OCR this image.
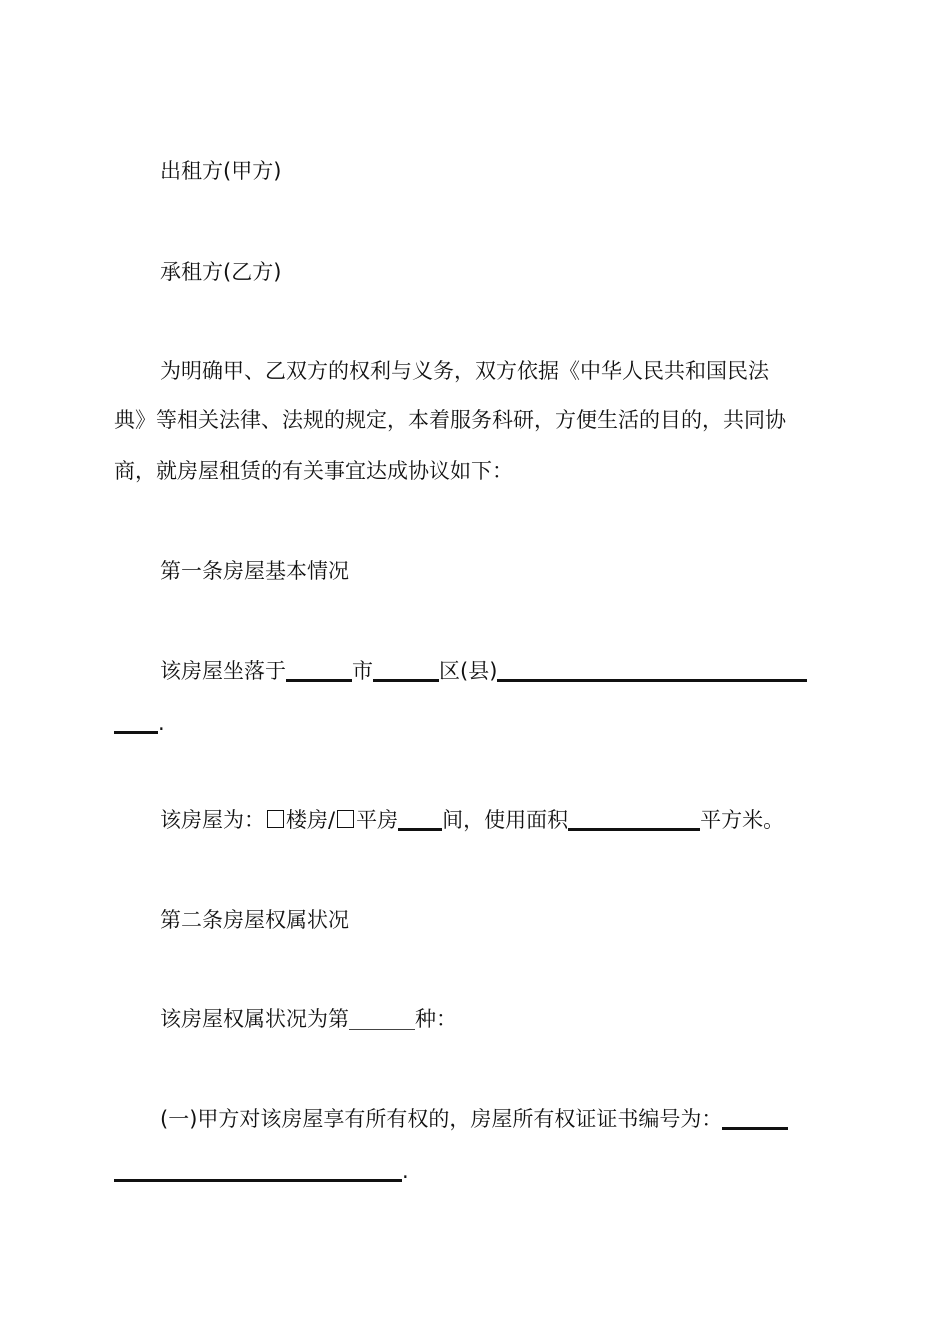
出租方(甲方)
承租方(乙方)
为明确甲、乙双方的权利与义务，双方依据《中华人民共和国民法
典》等相关法律、法规的规定，本着服务科研，方便生活的目的，共同协
商，就房屋租赁的有关事宜达成协议如下：
第一条房屋基本情况
该房屋坐落于	市	区(县)
.
该房屋为： 楼房/ 平房 间，使用面积	平方米。
第二条房屋权属状况
该房屋权属状况为第	种：
(一)甲方对该房屋享有所有权的，房屋所有权证证书编号为：
.
